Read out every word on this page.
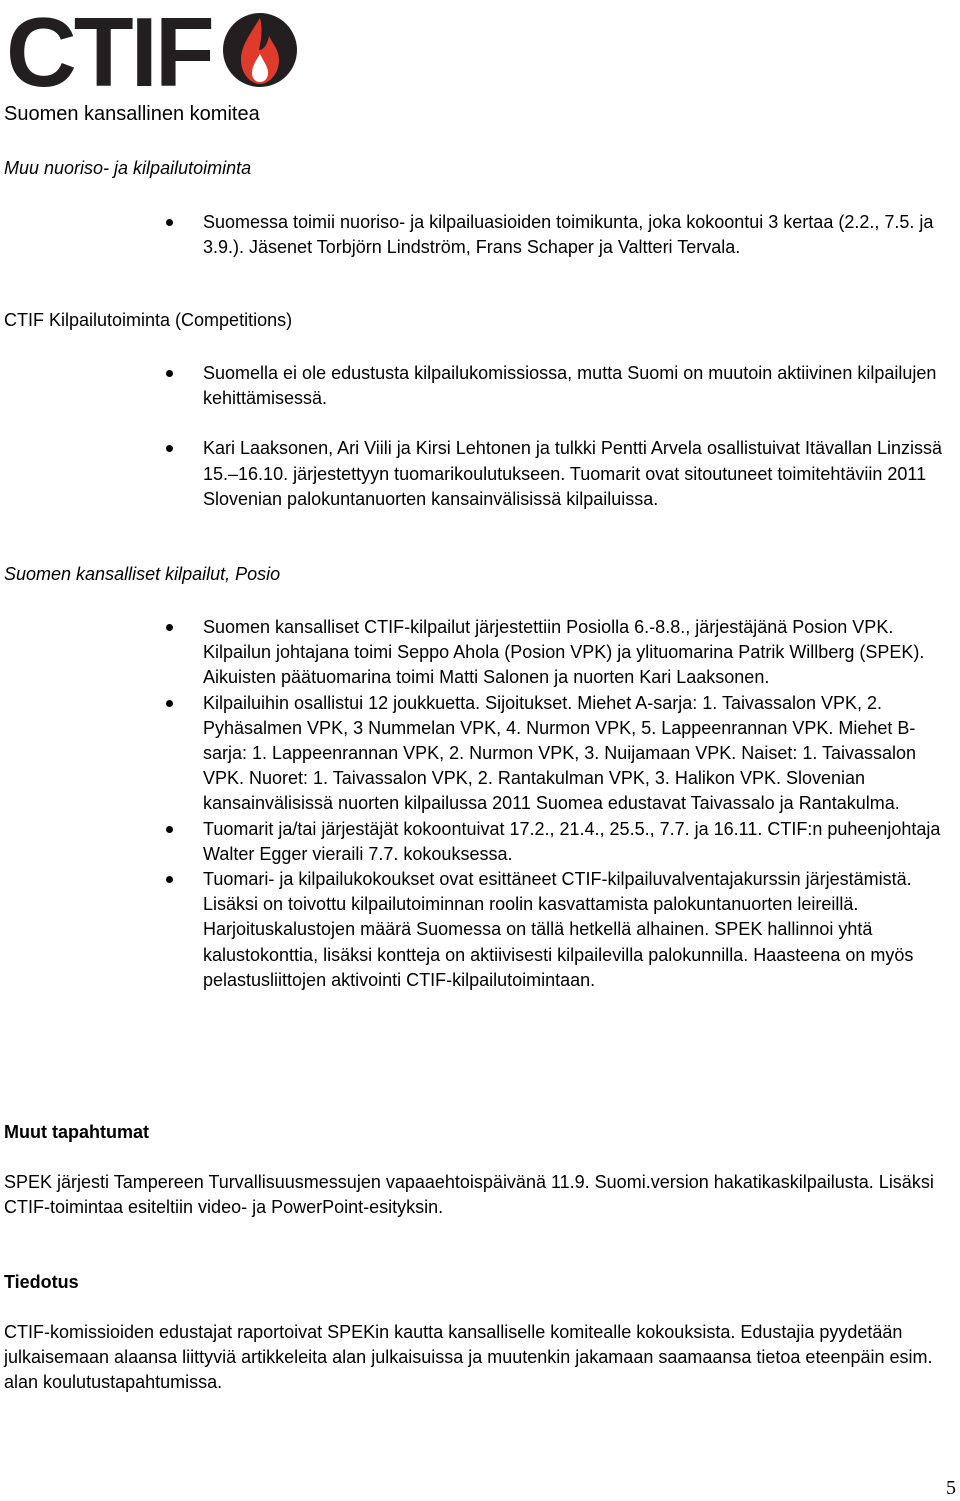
CTIF
Suomen kansallinen komitea
Muu nuoriso- ja kilpailutoiminta
Suomessa toimii nuoriso- ja kilpailuasioiden toimikunta, joka kokoontui 3 kertaa (2.2., 7.5. ja 3.9.). Jäsenet Torbjörn Lindström, Frans Schaper ja Valtteri Tervala.
CTIF Kilpailutoiminta (Competitions)
Suomella ei ole edustusta kilpailukomissiossa, mutta Suomi on muutoin aktiivinen kilpailujen kehittämisessä.
Kari Laaksonen, Ari Viili ja Kirsi Lehtonen ja tulkki Pentti Arvela osallistuivat Itävallan Linzissä 15.–16.10. järjestettyyn tuomarikoulutukseen. Tuomarit ovat sitoutuneet toimitehtäviin 2011 Slovenian palokuntanuorten kansainvälisissä kilpailuissa.
Suomen kansalliset kilpailut, Posio
Suomen kansalliset CTIF-kilpailut järjestettiin Posiolla 6.-8.8., järjestäjänä Posion VPK. Kilpailun johtajana toimi Seppo Ahola (Posion VPK) ja ylituomarina Patrik Willberg (SPEK). Aikuisten päätuomarina toimi Matti Salonen ja nuorten Kari Laaksonen.
Kilpailuihin osallistui 12 joukkuetta. Sijoitukset. Miehet A-sarja: 1. Taivassalon VPK, 2. Pyhäsalmen VPK, 3 Nummelan VPK, 4. Nurmon VPK, 5. Lappeenrannan VPK. Miehet B-sarja: 1. Lappeenrannan VPK, 2. Nurmon VPK, 3. Nuijamaan VPK. Naiset: 1. Taivassalon VPK. Nuoret: 1. Taivassalon VPK, 2. Rantakulman VPK, 3. Halikon VPK. Slovenian kansainvälisissä nuorten kilpailussa 2011 Suomea edustavat Taivassalo ja Rantakulma.
Tuomarit ja/tai järjestäjät kokoontuivat 17.2., 21.4., 25.5., 7.7. ja 16.11. CTIF:n puheenjohtaja Walter Egger vieraili 7.7. kokouksessa.
Tuomari- ja kilpailukokoukset ovat esittäneet CTIF-kilpailuvalventajakurssin järjestämistä. Lisäksi on toivottu kilpailutoiminnan roolin kasvattamista palokuntanuorten leireillä. Harjoituskalustojen määrä Suomessa on tällä hetkellä alhainen. SPEK hallinnoi yhtä kalustokonttia, lisäksi kontteja on aktiivisesti kilpailevilla palokunnilla. Haasteena on myös pelastusliittojen aktivointi CTIF-kilpailutoimintaan.
Muut tapahtumat
SPEK järjesti Tampereen Turvallisuusmessujen vapaaehtoispäivänä 11.9. Suomi.version hakatikaskilpailusta. Lisäksi CTIF-toimintaa esiteltiin video- ja PowerPoint-esityksin.
Tiedotus
CTIF-komissioiden edustajat raportoivat SPEKin kautta kansalliselle komitealle kokouksista. Edustajia pyydetään julkaisemaan alaansa liittyviä artikkeleita alan julkaisuissa ja muutenkin jakamaan saamaansa tietoa eteenpäin esim. alan koulutustapahtumissa.
5
